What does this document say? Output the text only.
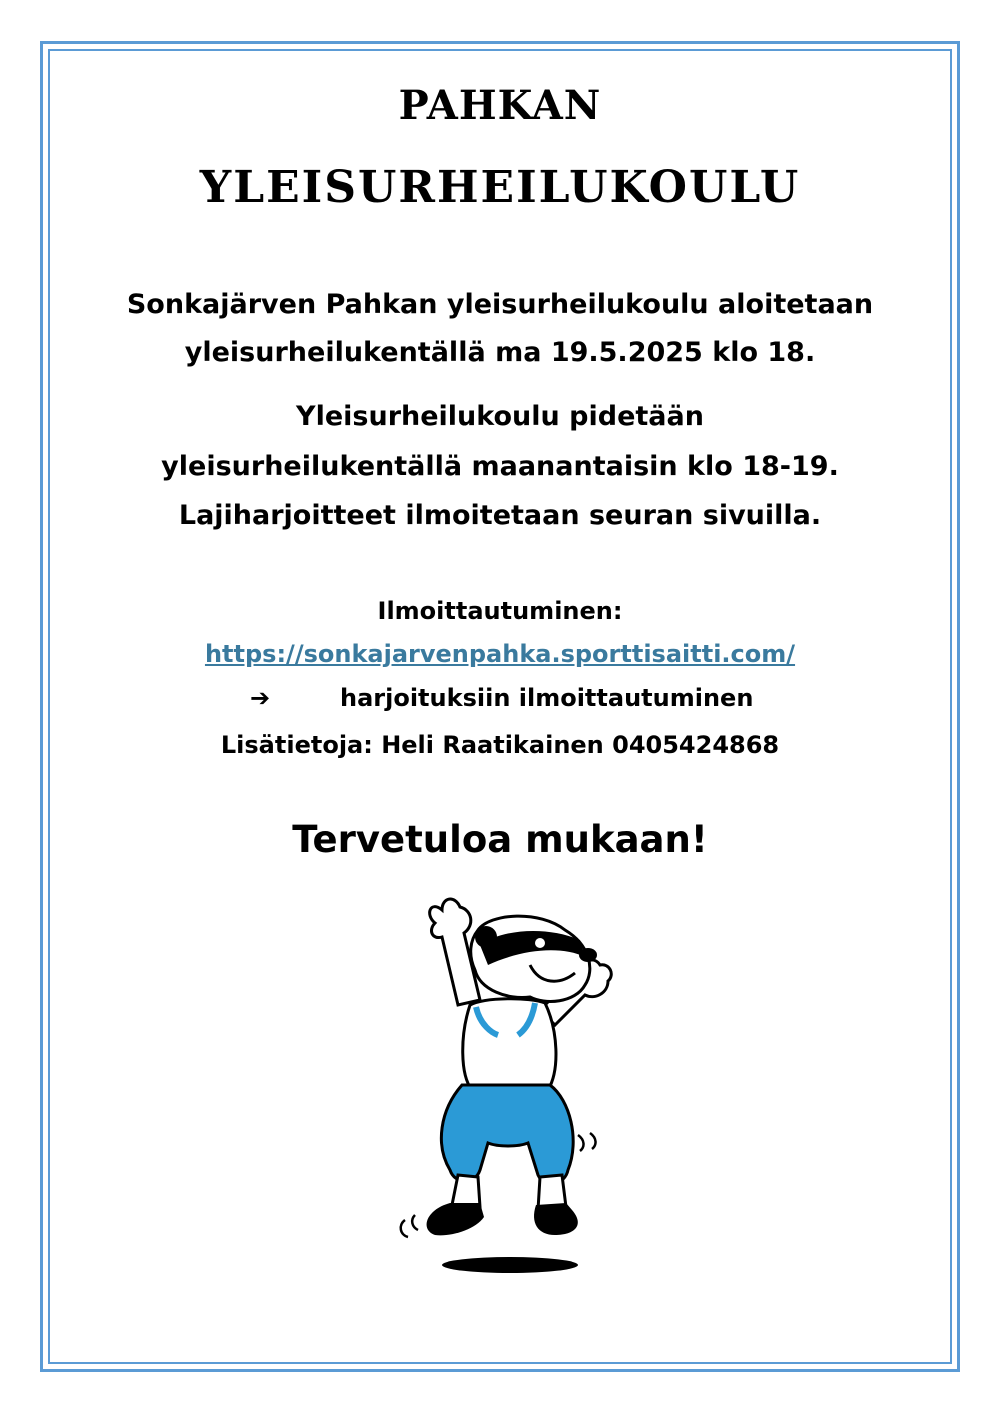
PAHKAN
YLEISURHEILUKOULU
Sonkajärven Pahkan yleisurheilukoulu aloitetaan
yleisurheilukentällä ma 19.5.2025 klo 18.
Yleisurheilukoulu pidetään
yleisurheilukentällä maanantaisin klo 18-19.
Lajiharjoitteet ilmoitetaan seuran sivuilla.
Ilmoittautuminen:
https://sonkajarvenpahka.sporttisaitti.com/
➔	harjoituksiin ilmoittautuminen
Lisätietoja: Heli Raatikainen 0405424868
Tervetuloa mukaan!
